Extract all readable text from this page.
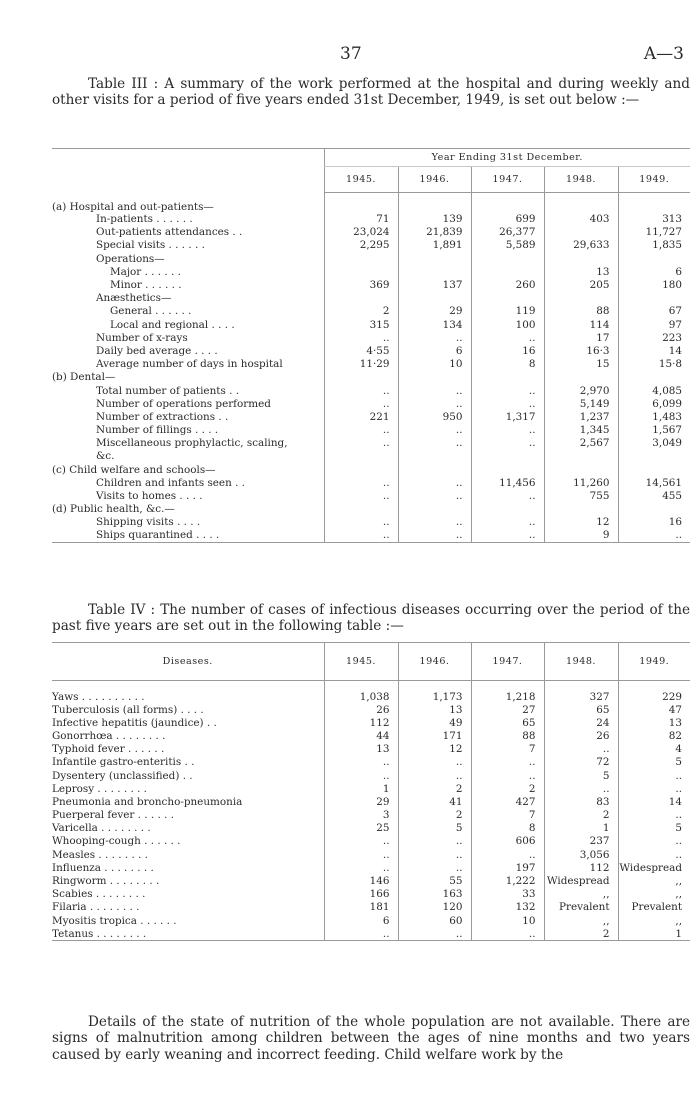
37	A—3

Table III : A summary of the work performed at the hospital and during weekly and other visits for a period of five years ended 31st December, 1949, is set out below :—

	Year Ending 31st December.				
	1945.	1946.	1947.	1948.	1949.
(a) Hospital and out-patients—					
In-patients . . . . . .	71	139	699	403	313
Out-patients attendances . .	23,024	21,839	26,377		11,727
Special visits . . . . . .	2,295	1,891	5,589	29,633	1,835
Operations—					
Major . . . . . .				13	6
Minor . . . . . .	369	137	260	205	180
Anæsthetics—					
General . . . . . .	2	29	119	88	67
Local and regional . . . .	315	134	100	114	97
Number of x-rays	..	..	..	17	223
Daily bed average . . . .	4·55	6	16	16·3	14
Average number of days in hospital	11·29	10	8	15	15·8
(b) Dental—					
Total number of patients . .	..	..	..	2,970	4,085
Number of operations performed	..	..	..	5,149	6,099
Number of extractions . .	221	950	1,317	1,237	1,483
Number of fillings . . . .	..	..	..	1,345	1,567
Miscellaneous prophylactic, scaling,	..	..	..	2,567	3,049
&c.					
(c) Child welfare and schools—					
Children and infants seen . .	..	..	11,456	11,260	14,561
Visits to homes . . . .	..	..	..	755	455
(d) Public health, &c.—					
Shipping visits . . . .	..	..	..	12	16
Ships quarantined . . . .	..	..	..	9	..

Table IV : The number of cases of infectious diseases occurring over the period of the past five years are set out in the following table :—

Diseases.	1945.	1946.	1947.	1948.	1949.
Yaws . . . . . . . . . .	1,038	1,173	1,218	327	229
Tuberculosis (all forms) . . . .	26	13	27	65	47
Infective hepatitis (jaundice) . .	112	49	65	24	13
Gonorrhœa . . . . . . . .	44	171	88	26	82
Typhoid fever . . . . . .	13	12	7	..	4
Infantile gastro-enteritis . .	..	..	..	72	5
Dysentery (unclassified) . .	..	..	..	5	..
Leprosy . . . . . . . .	1	2	2	..	..
Pneumonia and broncho-pneumonia	29	41	427	83	14
Puerperal fever . . . . . .	3	2	7	2	..
Varicella . . . . . . . .	25	5	8	1	5
Whooping-cough . . . . . .	..	..	606	237	..
Measles . . . . . . . .	..	..	..	3,056	..
Influenza . . . . . . . .	..	..	197	112	Widespread
Ringworm . . . . . . . .	146	55	1,222	Widespread	,,
Scabies . . . . . . . .	166	163	33	,,	,,
Filaria . . . . . . . .	181	120	132	Prevalent	Prevalent
Myositis tropica . . . . . .	6	60	10	,,	,,
Tetanus . . . . . . . .	..	..	..	2	1

Details of the state of nutrition of the whole population are not available. There are signs of malnutrition among children between the ages of nine months and two years caused by early weaning and incorrect feeding. Child welfare work by the
